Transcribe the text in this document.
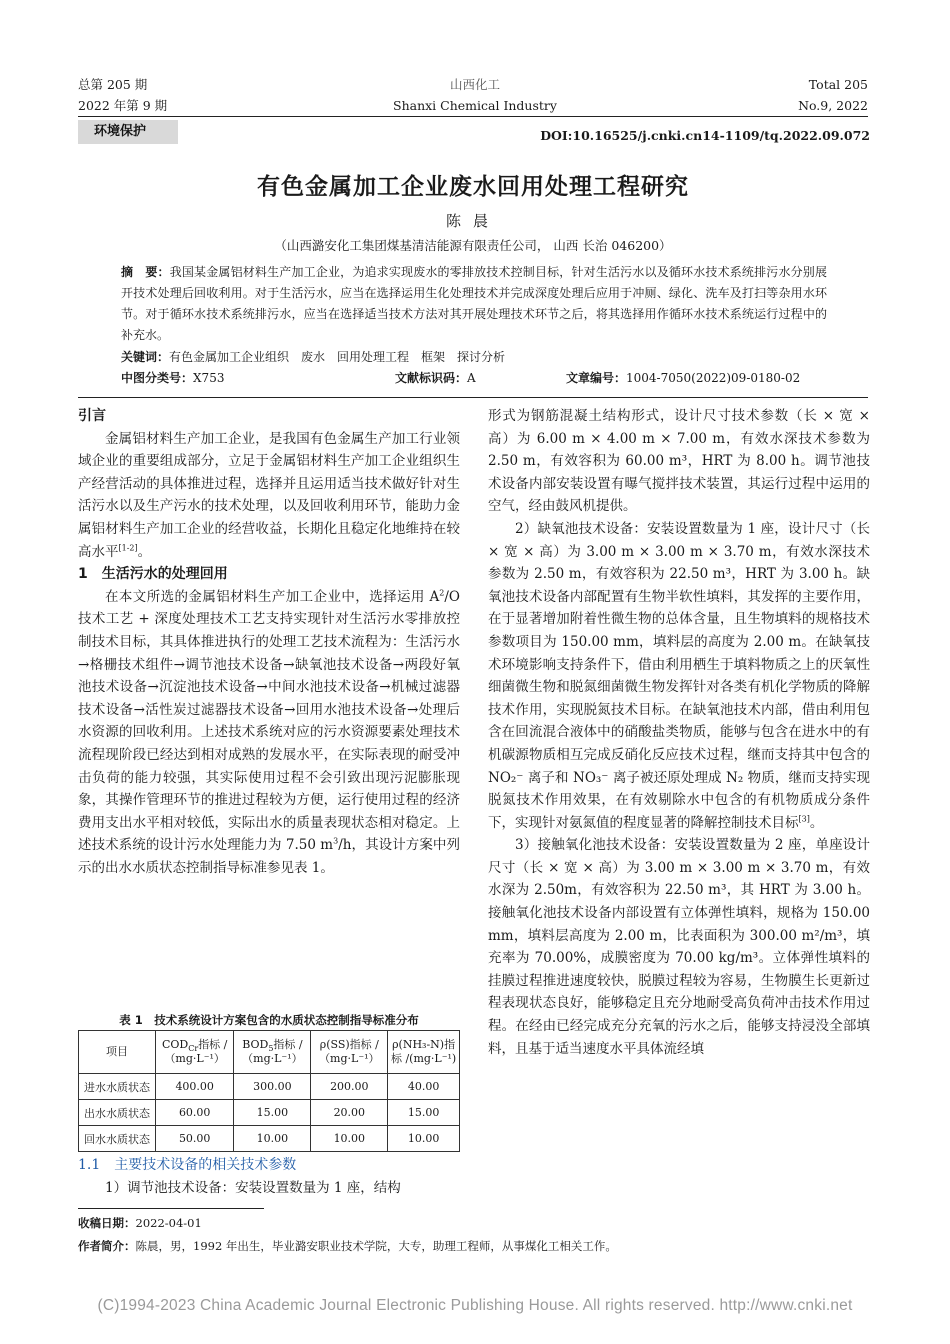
总第 205 期
2022 年第 9 期
山西化工
Shanxi Chemical Industry
Total 205
No.9, 2022
环境保护	DOI:10.16525/j.cnki.cn14-1109/tq.2022.09.072
有色金属加工企业废水回用处理工程研究
陈晨
（山西潞安化工集团煤基清洁能源有限责任公司， 山西 长治 046200）
摘　要：我国某金属铝材料生产加工企业，为追求实现废水的零排放技术控制目标，针对生活污水以及循环水技术系统排污水分别展开技术处理后回收利用。对于生活污水，应当在选择运用生化处理技术并完成深度处理后应用于冲厕、绿化、洗车及打扫等杂用水环节。对于循环水技术系统排污水，应当在选择适当技术方法对其开展处理技术环节之后，将其选择用作循环水技术系统运行过程中的补充水。
关键词：有色金属加工企业组织　废水　回用处理工程　框架　探讨分析
中图分类号：X753	文献标识码：A	文章编号：1004-7050(2022)09-0180-02

引言

金属铝材料生产加工企业，是我国有色金属生产加工行业领域企业的重要组成部分，立足于金属铝材料生产加工企业组织生产经营活动的具体推进过程，选择并且运用适当技术做好针对生活污水以及生产污水的技术处理，以及回收利用环节，能助力金属铝材料生产加工企业的经营收益，长期化且稳定化地维持在较高水平[1-2]。

1　生活污水的处理回用

在本文所选的金属铝材料生产加工企业中，选择运用 $A^2/O$ 技术工艺 + 深度处理技术工艺支持实现针对生活污水零排放控制技术目标，其具体推进执行的处理工艺技术流程为：生活污水→格栅技术组件→调节池技术设备→缺氧池技术设备→两段好氧池技术设备→沉淀池技术设备→中间水池技术设备→机械过滤器技术设备→活性炭过滤器技术设备→回用水池技术设备→处理后水资源的回收利用。上述技术系统对应的污水资源要素处理技术流程现阶段已经达到相对成熟的发展水平，在实际表现的耐受冲击负荷的能力较强，其实际使用过程不会引致出现污泥膨胀现象，其操作管理环节的推进过程较为方便，运行使用过程的经济费用支出水平相对较低，实际出水的质量表现状态相对稳定。上述技术系统的设计污水处理能力为 7.50 $m^3/h$，其设计方案中列示的出水水质状态控制指导标准参见表 1。

表 1　技术系统设计方案包含的水质状态控制指导标准分布
项目	$COD_{Cr}$指标 /（mg·L⁻¹）	$BOD_5$指标 /（mg·L⁻¹）	ρ(SS)指标 /（mg·L⁻¹）	ρ(NH₃-N)指标 /(mg·L⁻¹)
进水水质状态	400.00	300.00	200.00	40.00
出水水质状态	60.00	15.00	20.00	15.00
回水水质状态	50.00	10.00	10.00	10.00

1.1　主要技术设备的相关技术参数

1）调节池技术设备：安装设置数量为 1 座，结构

形式为钢筋混凝土结构形式，设计尺寸技术参数（长 × 宽 × 高）为 6.00 m × 4.00 m × 7.00 m，有效水深技术参数为 2.50 m，有效容积为 60.00 m³，HRT 为 8.00 h。调节池技术设备内部安装设置有曝气搅拌技术装置，其运行过程中运用的空气，经由鼓风机提供。

2）缺氧池技术设备：安装设置数量为 1 座，设计尺寸（长 × 宽 × 高）为 3.00 m × 3.00 m × 3.70 m，有效水深技术参数为 2.50 m，有效容积为 22.50 m³，HRT 为 3.00 h。缺氧池技术设备内部配置有生物半软性填料，其发挥的主要作用，在于显著增加附着性微生物的总体含量，且生物填料的规格技术参数项目为 150.00 mm，填料层的高度为 2.00 m。在缺氧技术环境影响支持条件下，借由利用栖生于填料物质之上的厌氧性细菌微生物和脱氮细菌微生物发挥针对各类有机化学物质的降解技术作用，实现脱氮技术目标。在缺氧池技术内部，借由利用包含在回流混合液体中的硝酸盐类物质，能够与包含在进水中的有机碳源物质相互完成反硝化反应技术过程，继而支持其中包含的 NO₂⁻ 离子和 NO₃⁻ 离子被还原处理成 N₂ 物质，继而支持实现脱氮技术作用效果，在有效剔除水中包含的有机物质成分条件下，实现针对氨氮值的程度显著的降解控制技术目标[3]。

3）接触氧化池技术设备：安装设置数量为 2 座，单座设计尺寸（长 × 宽 × 高）为 3.00 m × 3.00 m × 3.70 m，有效水深为 2.50m，有效容积为 22.50 m³，其 HRT 为 3.00 h。接触氧化池技术设备内部设置有立体弹性填料，规格为 150.00 mm，填料层高度为 2.00 m，比表面积为 300.00 m²/m³，填充率为 70.00%，成膜密度为 70.00 kg/m³。立体弹性填料的挂膜过程推进速度较快，脱膜过程较为容易，生物膜生长更新过程表现状态良好，能够稳定且充分地耐受高负荷冲击技术作用过程。在经由已经完成充分充氧的污水之后，能够支持浸没全部填料，且基于适当速度水平具体流经填

收稿日期：2022-04-01
作者简介：陈晨，男，1992 年出生，毕业潞安职业技术学院，大专，助理工程师，从事煤化工相关工作。
(C)1994-2023 China Academic Journal Electronic Publishing House. All rights reserved. http://www.cnki.net
